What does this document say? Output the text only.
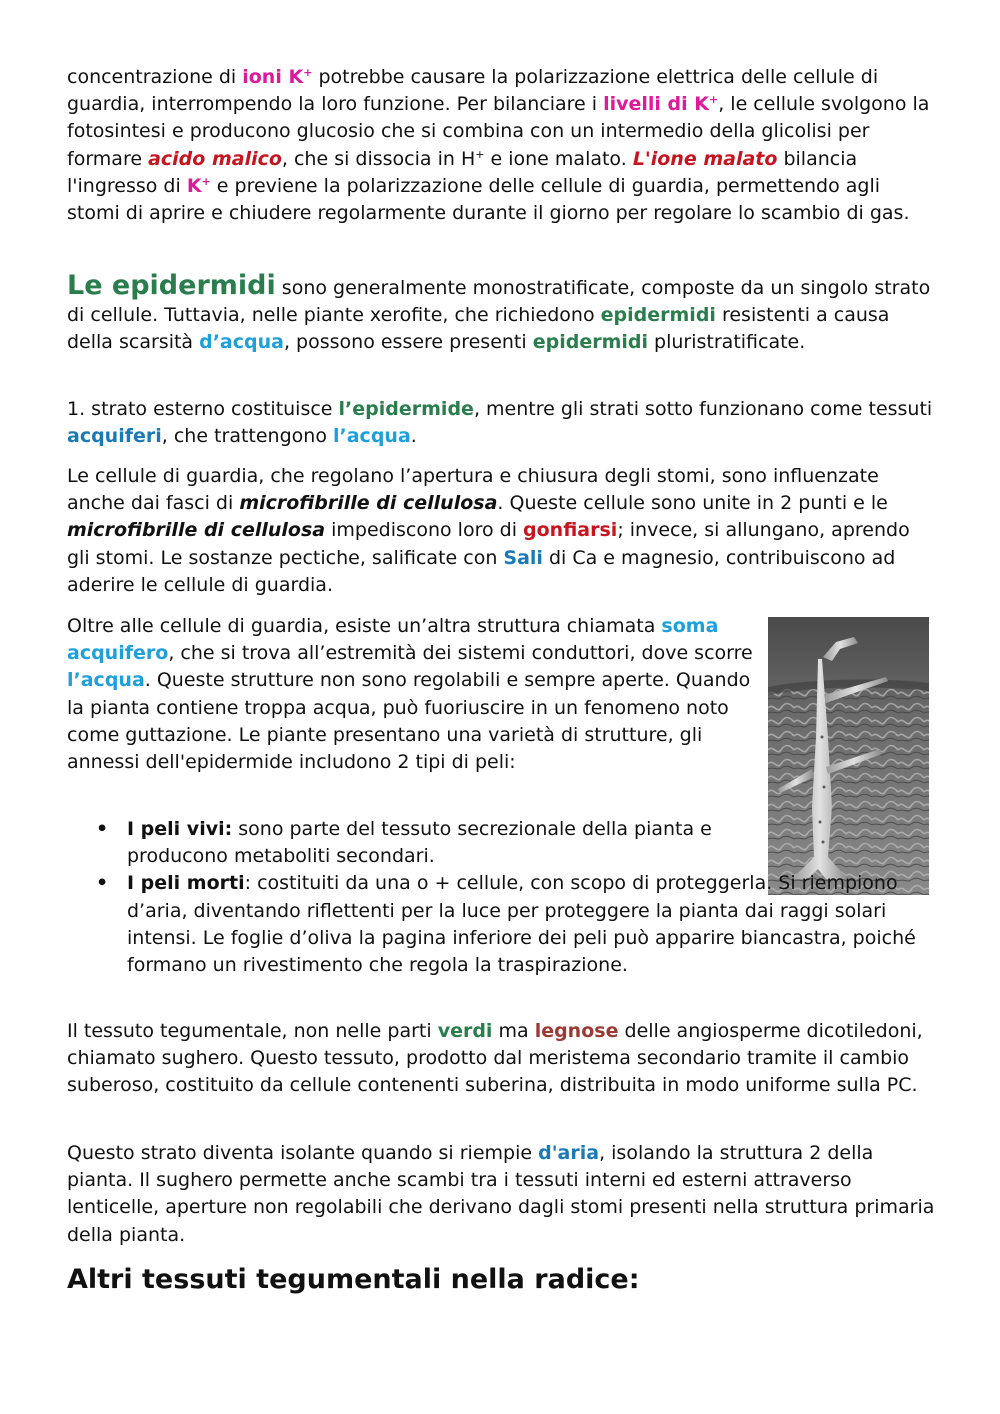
concentrazione di ioni K+ potrebbe causare la polarizzazione elettrica delle cellule di guardia, interrompendo la loro funzione. Per bilanciare i livelli di K+, le cellule svolgono la fotosintesi e producono glucosio che si combina con un intermedio della glicolisi per formare acido malico, che si dissocia in H+ e ione malato. L'ione malato bilancia l'ingresso di K+ e previene la polarizzazione delle cellule di guardia, permettendo agli stomi di aprire e chiudere regolarmente durante il giorno per regolare lo scambio di gas.

Le epidermidi sono generalmente monostratificate, composte da un singolo strato di cellule. Tuttavia, nelle piante xerofite, che richiedono epidermidi resistenti a causa della scarsità d’acqua, possono essere presenti epidermidi pluristratificate.

1. strato esterno costituisce l’epidermide, mentre gli strati sotto funzionano come tessuti acquiferi, che trattengono l’acqua.

Le cellule di guardia, che regolano l’apertura e chiusura degli stomi, sono influenzate anche dai fasci di microfibrille di cellulosa. Queste cellule sono unite in 2 punti e le microfibrille di cellulosa impediscono loro di gonfiarsi; invece, si allungano, aprendo gli stomi. Le sostanze pectiche, salificate con Sali di Ca e magnesio, contribuiscono ad aderire le cellule di guardia.

Oltre alle cellule di guardia, esiste un’altra struttura chiamata soma acquifero, che si trova all’estremità dei sistemi conduttori, dove scorre l’acqua. Queste strutture non sono regolabili e sempre aperte. Quando la pianta contiene troppa acqua, può fuoriuscire in un fenomeno noto come guttazione. Le piante presentano una varietà di strutture, gli annessi dell'epidermide includono 2 tipi di peli:

• I peli vivi: sono parte del tessuto secrezionale della pianta e producono metaboliti secondari.
• I peli morti: costituiti da una o + cellule, con scopo di proteggerla. Si riempiono d’aria, diventando riflettenti per la luce per proteggere la pianta dai raggi solari intensi. Le foglie d’oliva la pagina inferiore dei peli può apparire biancastra, poiché formano un rivestimento che regola la traspirazione.

Il tessuto tegumentale, non nelle parti verdi ma legnose delle angiosperme dicotiledoni, chiamato sughero. Questo tessuto, prodotto dal meristema secondario tramite il cambio suberoso, costituito da cellule contenenti suberina, distribuita in modo uniforme sulla PC.

Questo strato diventa isolante quando si riempie d'aria, isolando la struttura 2 della pianta. Il sughero permette anche scambi tra i tessuti interni ed esterni attraverso lenticelle, aperture non regolabili che derivano dagli stomi presenti nella struttura primaria della pianta.

Altri tessuti tegumentali nella radice:
